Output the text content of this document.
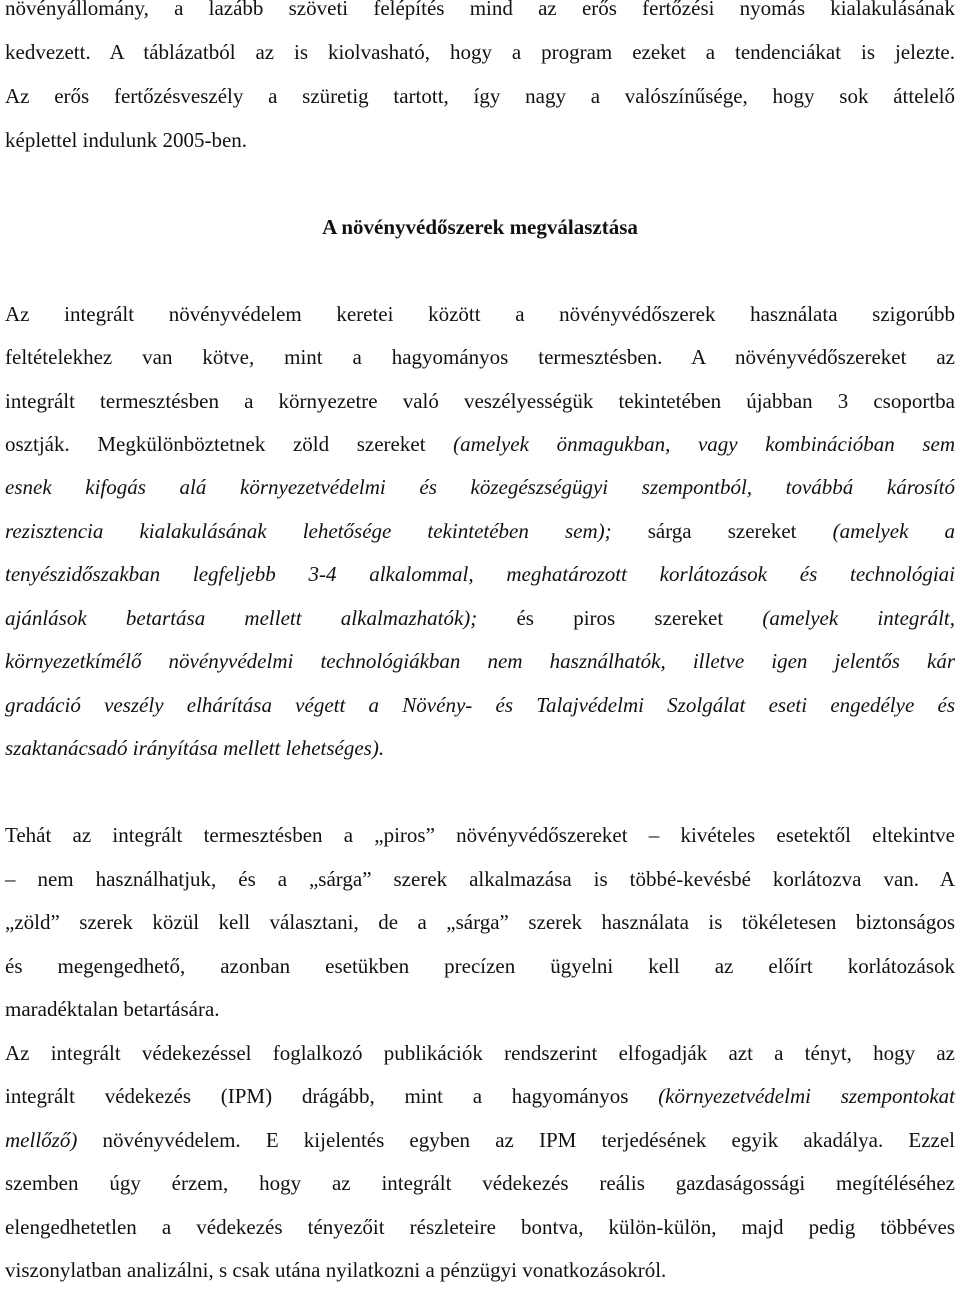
növényállomány, a lazább szöveti felépítés mind az erős fertőzési nyomás kialakulásának
kedvezett. A táblázatból az is kiolvasható, hogy a program ezeket a tendenciákat is jelezte.
Az erős fertőzésveszély a szüretig tartott, így nagy a valószínűsége, hogy sok áttelelő
képlettel indulunk 2005-ben.
A növényvédőszerek megválasztása
Az integrált növényvédelem keretei között a növényvédőszerek használata szigorúbb
feltételekhez van kötve, mint a hagyományos termesztésben. A növényvédőszereket az
integrált termesztésben a környezetre való veszélyességük tekintetében újabban 3 csoportba
osztják. Megkülönböztetnek zöld szereket (amelyek önmagukban, vagy kombinációban sem
esnek kifogás alá környezetvédelmi és közegészségügyi szempontból, továbbá károsító
rezisztencia kialakulásának lehetősége tekintetében sem); sárga szereket (amelyek a
tenyészidőszakban legfeljebb 3-4 alkalommal, meghatározott korlátozások és technológiai
ajánlások betartása mellett alkalmazhatók); és piros szereket (amelyek integrált,
környezetkímélő növényvédelmi technológiákban nem használhatók, illetve igen jelentős kár
gradáció veszély elhárítása végett a Növény- és Talajvédelmi Szolgálat eseti engedélye és
szaktanácsadó irányítása mellett lehetséges).
Tehát az integrált termesztésben a „piros” növényvédőszereket – kivételes esetektől eltekintve
– nem használhatjuk, és a „sárga” szerek alkalmazása is többé-kevésbé korlátozva van. A
„zöld” szerek közül kell választani, de a „sárga” szerek használata is tökéletesen biztonságos
és megengedhető, azonban esetükben precízen ügyelni kell az előírt korlátozások
maradéktalan betartására.
Az integrált védekezéssel foglalkozó publikációk rendszerint elfogadják azt a tényt, hogy az
integrált védekezés (IPM) drágább, mint a hagyományos (környezetvédelmi szempontokat
mellőző) növényvédelem. E kijelentés egyben az IPM terjedésének egyik akadálya. Ezzel
szemben úgy érzem, hogy az integrált védekezés reális gazdaságossági megítéléséhez
elengedhetetlen a védekezés tényezőit részleteire bontva, külön-külön, majd pedig többéves
viszonylatban analizálni, s csak utána nyilatkozni a pénzügyi vonatkozásokról.
